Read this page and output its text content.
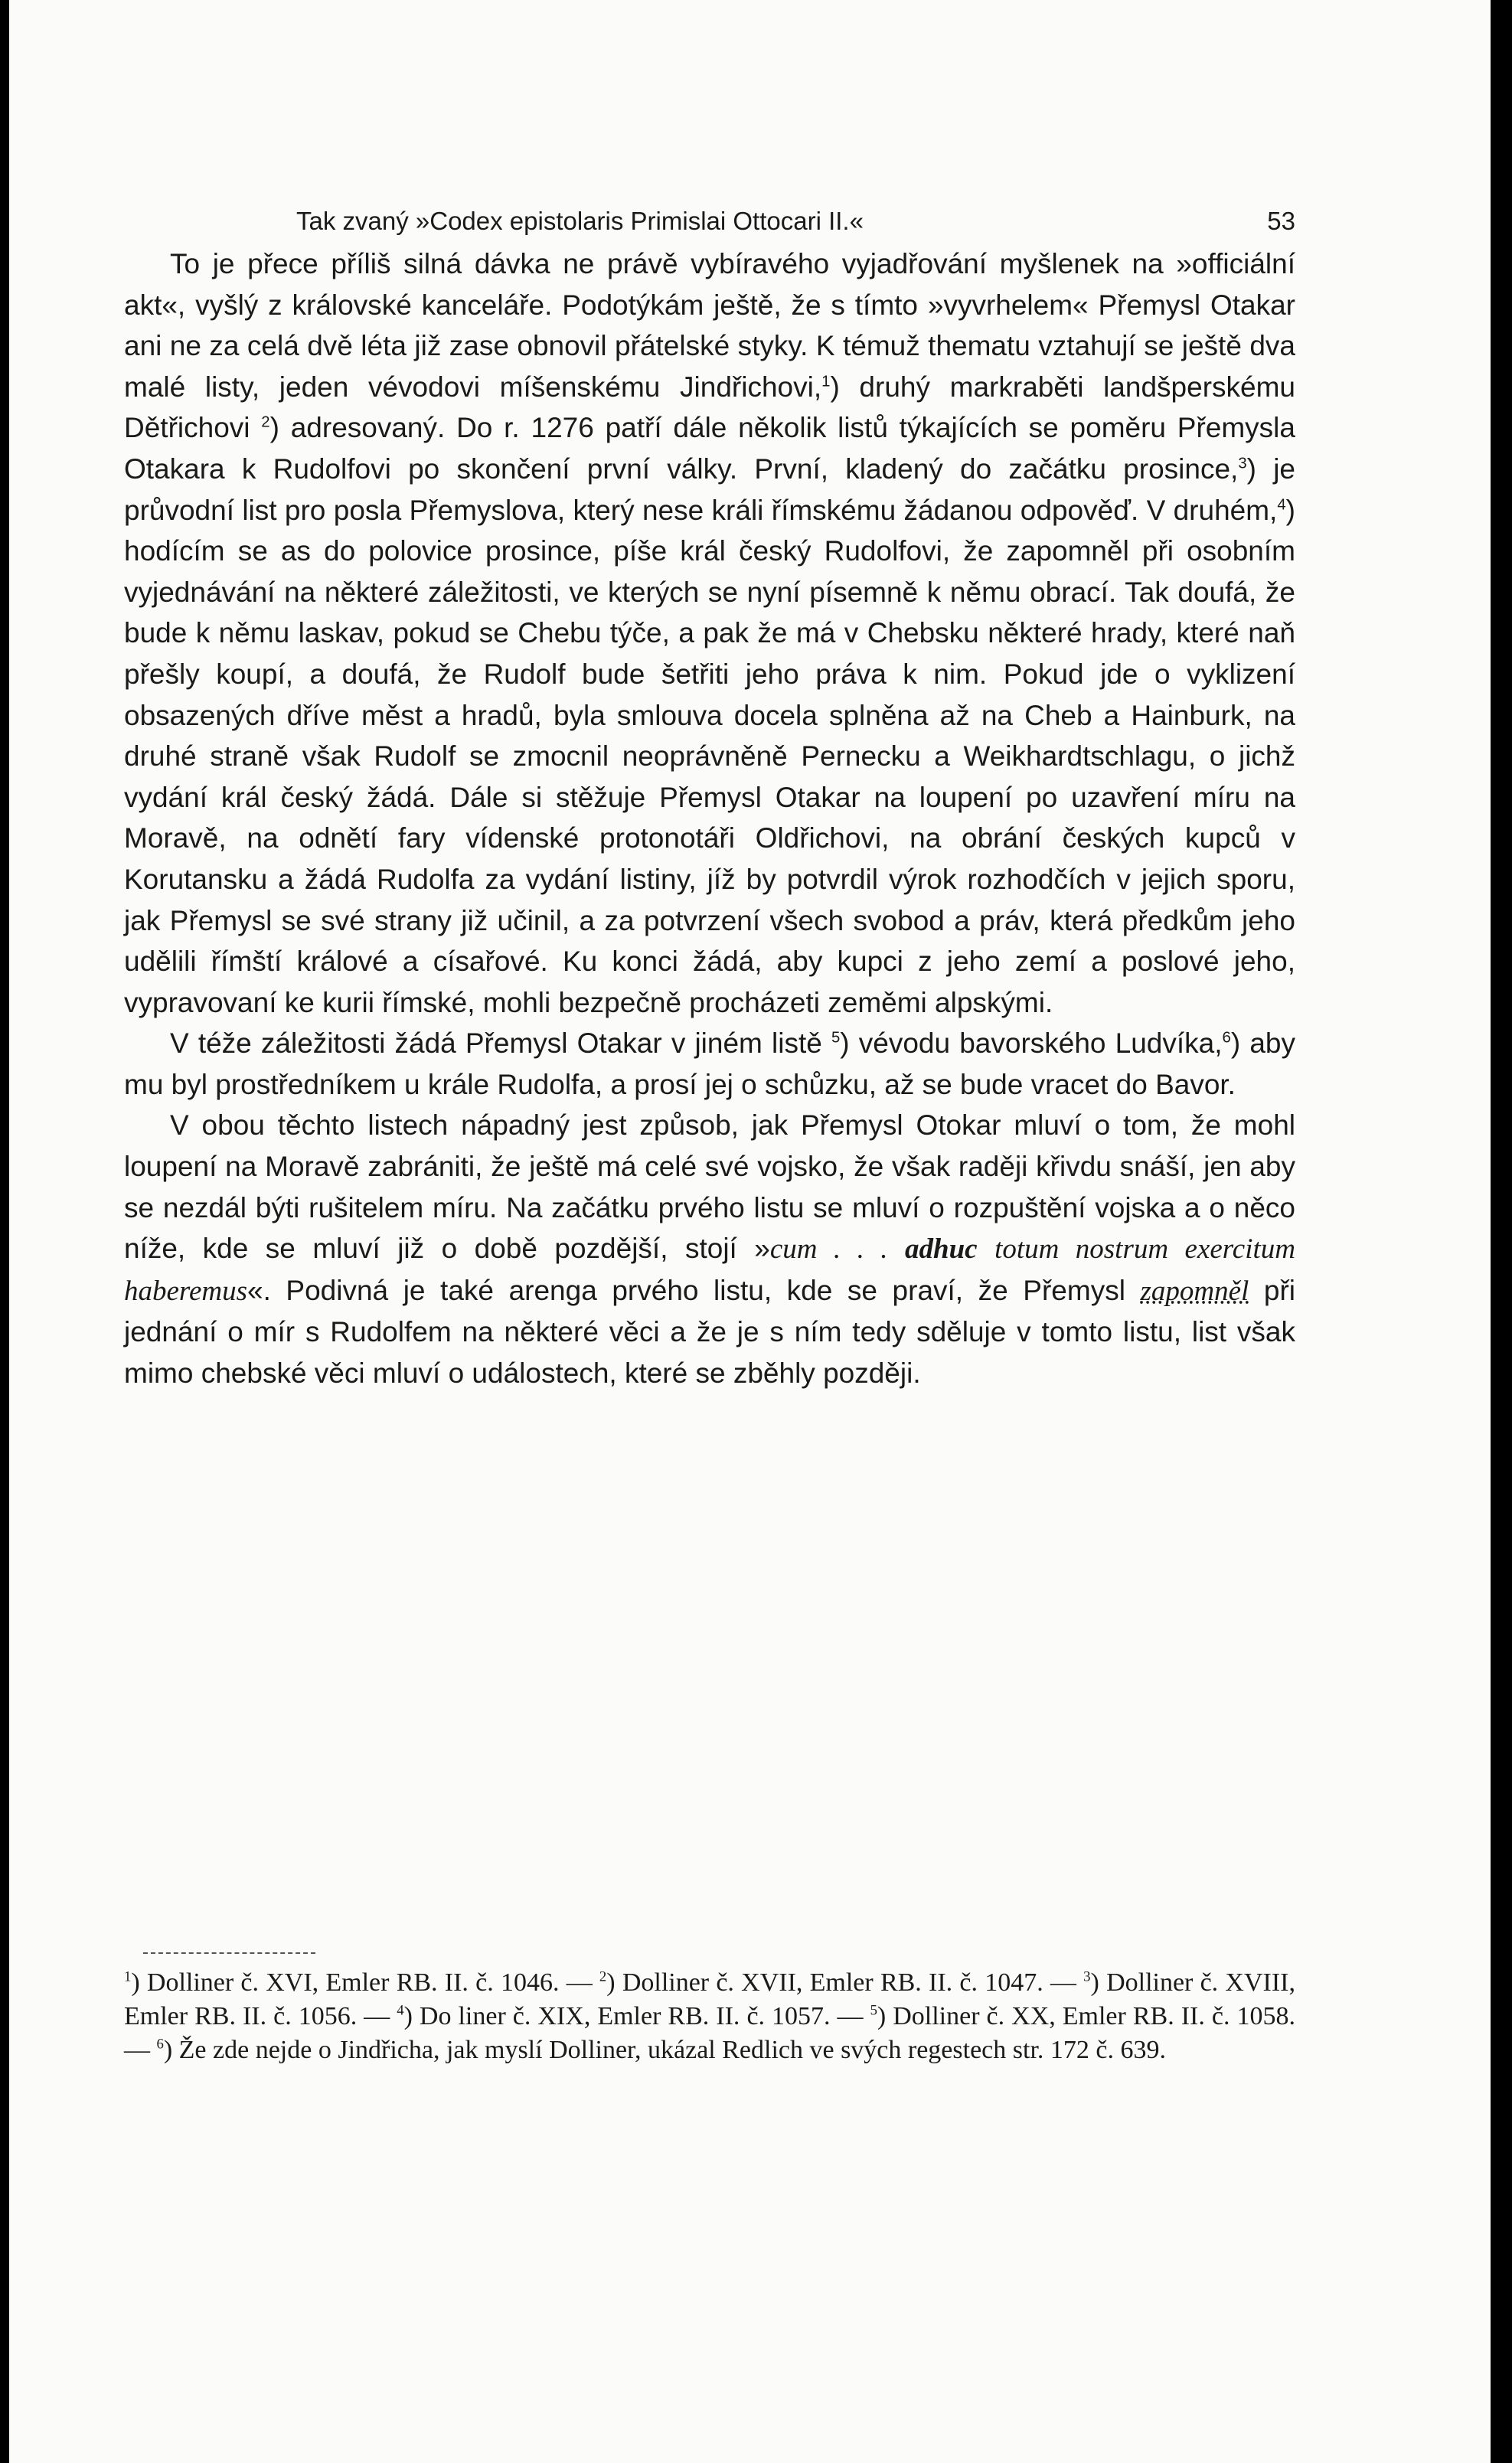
Tak zvaný »Codex epistolaris Primislai Ottocari II.«	53

To je přece příliš silná dávka ne právě vybíravého vyjadřování myšlenek na »officiální akt«, vyšlý z královské kanceláře. Podotýkám ještě, že s tímto »vyvrhelem« Přemysl Otakar ani ne za celá dvě léta již zase obnovil přátelské styky. K témuž thematu vztahují se ještě dva malé listy, jeden vévodovi míšenskému Jindřichovi,$^1$) druhý markraběti landšperskému Dětřichovi $^2$) adresovaný. Do r. 1276 patří dále několik listů týkajících se poměru Přemysla Otakara k Rudolfovi po skončení první války. První, kladený do začátku prosince,$^3$) je průvodní list pro posla Přemyslova, který nese králi římskému žádanou odpověď. V druhém,$^4$) hodícím se as do polovice prosince, píše král český Rudolfovi, že zapomněl při osobním vyjednávání na některé záležitosti, ve kterých se nyní písemně k němu obrací. Tak doufá, že bude k němu laskav, pokud se Chebu týče, a pak že má v Chebsku některé hrady, které naň přešly koupí, a doufá, že Rudolf bude šetřiti jeho práva k nim. Pokud jde o vyklizení obsazených dříve měst a hradů, byla smlouva docela splněna až na Cheb a Hainburk, na druhé straně však Rudolf se zmocnil neoprávněně Pernecku a Weikhardtschlagu, o jichž vydání král český žádá. Dále si stěžuje Přemysl Otakar na loupení po uzavření míru na Moravě, na odnětí fary vídenské protonotáři Oldřichovi, na obrání českých kupců v Korutansku a žádá Rudolfa za vydání listiny, jíž by potvrdil výrok rozhodčích v jejich sporu, jak Přemysl se své strany již učinil, a za potvrzení všech svobod a práv, která předkům jeho udělili římští králové a císařové. Ku konci žádá, aby kupci z jeho zemí a poslové jeho, vypravovaní ke kurii římské, mohli bezpečně procházeti zeměmi alpskými.

V téže záležitosti žádá Přemysl Otakar v jiném listě $^5$) vévodu bavorského Ludvíka,$^6$) aby mu byl prostředníkem u krále Rudolfa, a prosí jej o schůzku, až se bude vracet do Bavor.

V obou těchto listech nápadný jest způsob, jak Přemysl Otokar mluví o tom, že mohl loupení na Moravě zabrániti, že ještě má celé své vojsko, že však raději křivdu snáší, jen aby se nezdál býti rušitelem míru. Na začátku prvého listu se mluví o rozpuštění vojska a o něco níže, kde se mluví již o době pozdější, stojí »cum . . . adhuc totum nostrum exercitum haberemus«. Podivná je také arenga prvého listu, kde se praví, že Přemysl zapomněl při jednání o mír s Rudolfem na některé věci a že je s ním tedy sděluje v tomto listu, list však mimo chebské věci mluví o událostech, které se zběhly později.

$^1$) Dolliner č. XVI, Emler RB. II. č. 1046. — $^2$) Dolliner č. XVII, Emler RB. II. č. 1047. — $^3$) Dolliner č. XVIII, Emler RB. II. č. 1056. — $^4$) Do liner č. XIX, Emler RB. II. č. 1057. — $^5$) Dolliner č. XX, Emler RB. II. č. 1058. — $^6$) Že zde nejde o Jindřicha, jak myslí Dolliner, ukázal Redlich ve svých regestech str. 172 č. 639.
